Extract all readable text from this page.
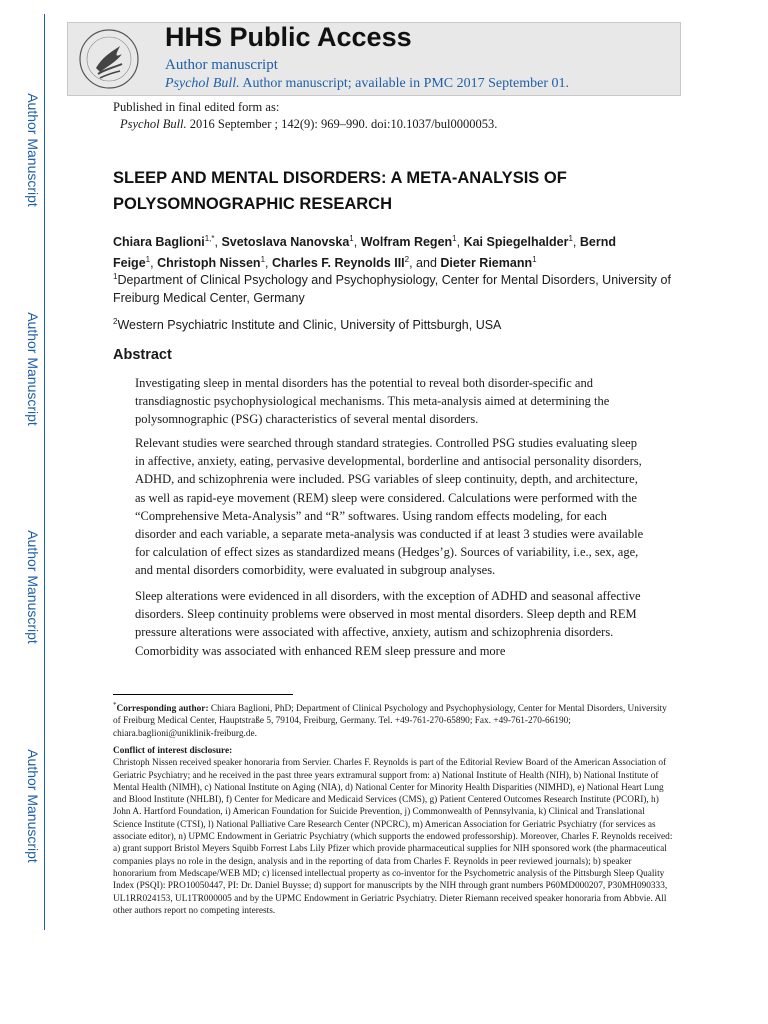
Author Manuscript
Author Manuscript
Author Manuscript
Author Manuscript
HHS Public Access
Author manuscript
Psychol Bull. Author manuscript; available in PMC 2017 September 01.
Published in final edited form as:
Psychol Bull. 2016 September ; 142(9): 969–990. doi:10.1037/bul0000053.
SLEEP AND MENTAL DISORDERS: A META-ANALYSIS OF POLYSOMNOGRAPHIC RESEARCH
Chiara Baglioni$^{1,*}$, Svetoslava Nanovska$^1$, Wolfram Regen$^1$, Kai Spiegelhalder$^1$, Bernd Feige$^1$, Christoph Nissen$^1$, Charles F. Reynolds III$^2$, and Dieter Riemann$^1$
$^1$Department of Clinical Psychology and Psychophysiology, Center for Mental Disorders, University of Freiburg Medical Center, Germany
$^2$Western Psychiatric Institute and Clinic, University of Pittsburgh, USA
Abstract
Investigating sleep in mental disorders has the potential to reveal both disorder-specific and transdiagnostic psychophysiological mechanisms. This meta-analysis aimed at determining the polysomnographic (PSG) characteristics of several mental disorders.
Relevant studies were searched through standard strategies. Controlled PSG studies evaluating sleep in affective, anxiety, eating, pervasive developmental, borderline and antisocial personality disorders, ADHD, and schizophrenia were included. PSG variables of sleep continuity, depth, and architecture, as well as rapid-eye movement (REM) sleep were considered. Calculations were performed with the “Comprehensive Meta-Analysis” and “R” softwares. Using random effects modeling, for each disorder and each variable, a separate meta-analysis was conducted if at least 3 studies were available for calculation of effect sizes as standardized means (Hedges’g). Sources of variability, i.e., sex, age, and mental disorders comorbidity, were evaluated in subgroup analyses.
Sleep alterations were evidenced in all disorders, with the exception of ADHD and seasonal affective disorders. Sleep continuity problems were observed in most mental disorders. Sleep depth and REM pressure alterations were associated with affective, anxiety, autism and schizophrenia disorders. Comorbidity was associated with enhanced REM sleep pressure and more
*Corresponding author: Chiara Baglioni, PhD; Department of Clinical Psychology and Psychophysiology, Center for Mental Disorders, University of Freiburg Medical Center, Hauptstraße 5, 79104, Freiburg, Germany. Tel. +49-761-270-65890; Fax. +49-761-270-66190; chiara.baglioni@uniklinik-freiburg.de.
Conflict of interest disclosure:
Christoph Nissen received speaker honoraria from Servier. Charles F. Reynolds is part of the Editorial Review Board of the American Association of Geriatric Psychiatry; and he received in the past three years extramural support from: a) National Institute of Health (NIH), b) National Institute of Mental Health (NIMH), c) National Institute on Aging (NIA), d) National Center for Minority Health Disparities (NIMHD), e) National Heart Lung and Blood Institute (NHLBI), f) Center for Medicare and Medicaid Services (CMS), g) Patient Centered Outcomes Research Institute (PCORI), h) John A. Hartford Foundation, i) American Foundation for Suicide Prevention, j) Commonwealth of Pennsylvania, k) Clinical and Translational Science Institute (CTSI), l) National Palliative Care Research Center (NPCRC), m) American Association for Geriatric Psychiatry (for services as associate editor), n) UPMC Endowment in Geriatric Psychiatry (which supports the endowed professorship). Moreover, Charles F. Reynolds received: a) grant support Bristol Meyers Squibb Forrest Labs Lily Pfizer which provide pharmaceutical supplies for NIH sponsored work (the pharmaceutical companies plays no role in the design, analysis and in the reporting of data from Charles F. Reynolds in peer reviewed journals); b) speaker honorarium from Medscape/WEB MD; c) licensed intellectual property as co-inventor for the Psychometric analysis of the Pittsburgh Sleep Quality Index (PSQI): PRO10050447, PI: Dr. Daniel Buysse; d) support for manuscripts by the NIH through grant numbers P60MD000207, P30MH090333, UL1RR024153, UL1TR000005 and by the UPMC Endowment in Geriatric Psychiatry. Dieter Riemann received speaker honoraria from Abbvie. All other authors report no competing interests.
